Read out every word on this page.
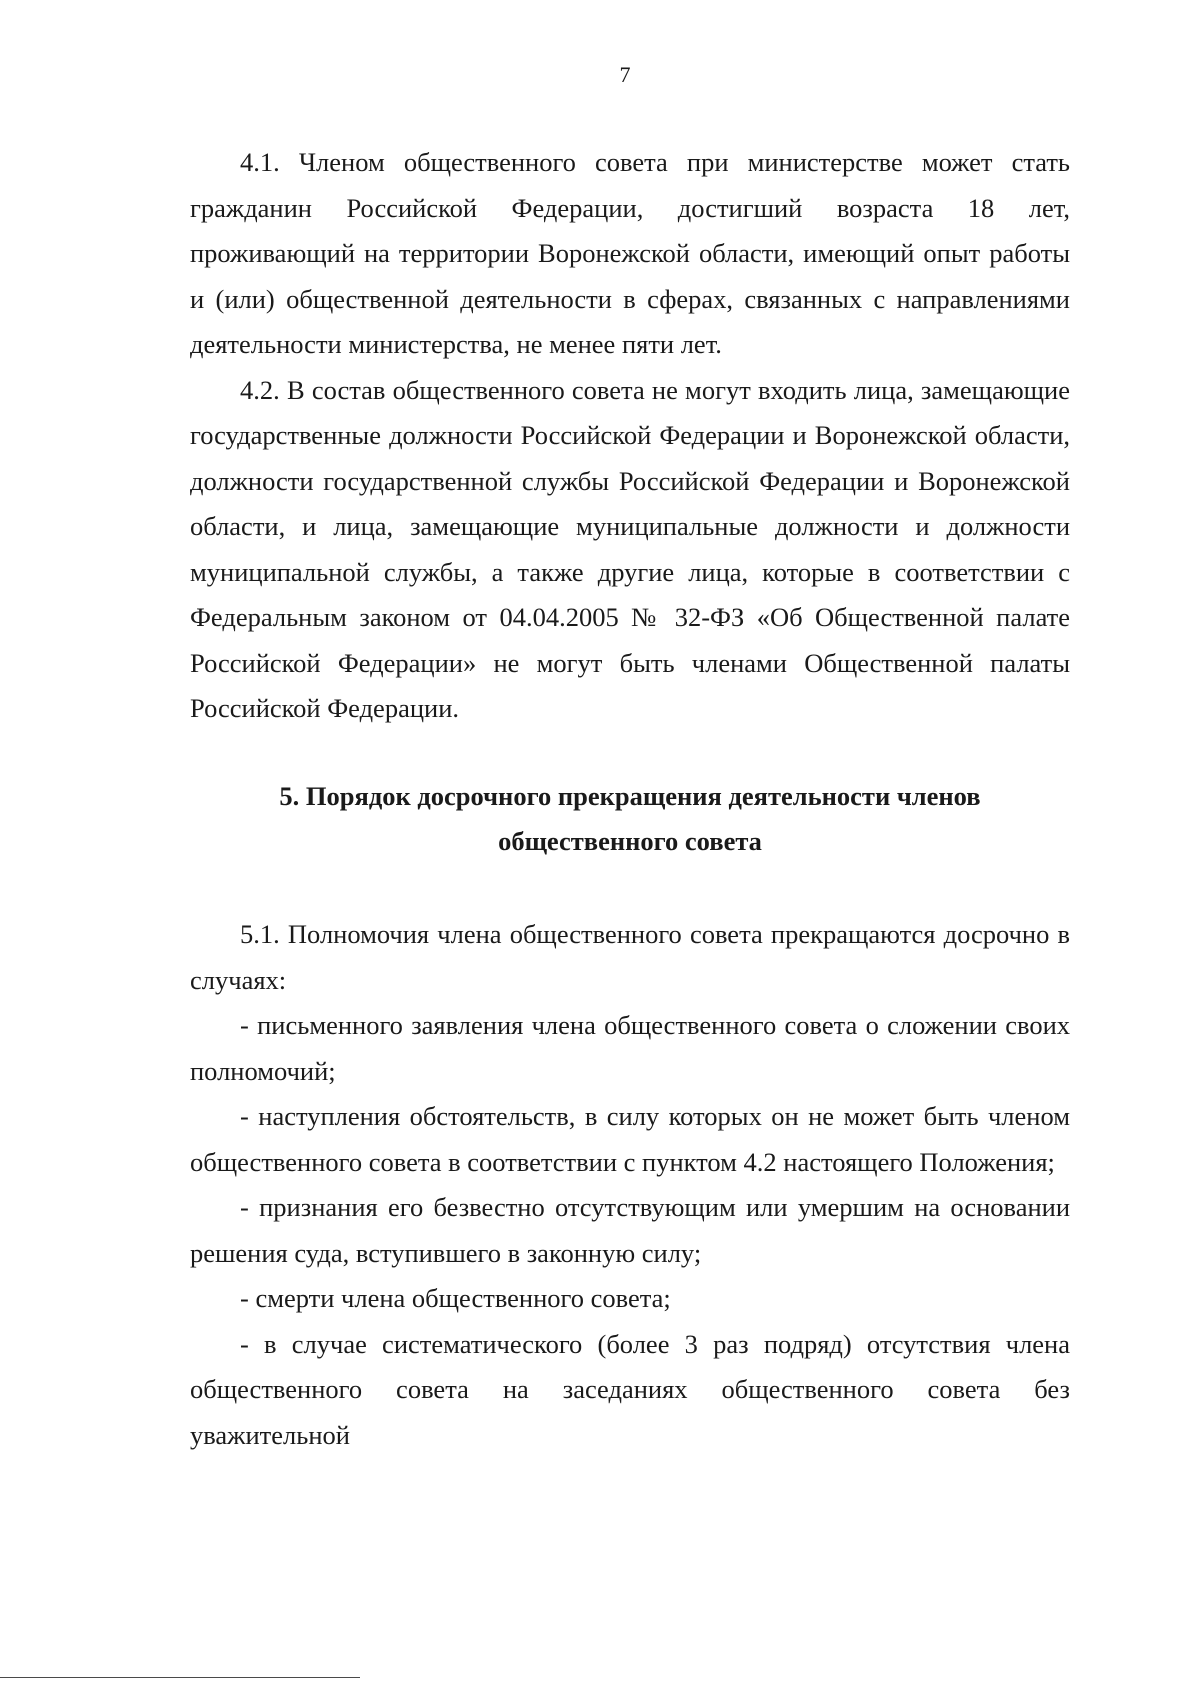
7

4.1. Членом общественного совета при министерстве может стать гражданин Российской Федерации, достигший возраста 18 лет, проживающий на территории Воронежской области, имеющий опыт работы и (или) общественной деятельности в сферах, связанных с направлениями деятельности министерства, не менее пяти лет.

4.2. В состав общественного совета не могут входить лица, замещающие государственные должности Российской Федерации и Воронежской области, должности государственной службы Российской Федерации и Воронежской области, и лица, замещающие муниципальные должности и должности муниципальной службы, а также другие лица, которые в соответствии с Федеральным законом от 04.04.2005 № 32-ФЗ «Об Общественной палате Российской Федерации» не могут быть членами Общественной палаты Российской Федерации.

5. Порядок досрочного прекращения деятельности членов
общественного совета

5.1. Полномочия члена общественного совета прекращаются досрочно в случаях:

- письменного заявления члена общественного совета о сложении своих полномочий;

- наступления обстоятельств, в силу которых он не может быть членом общественного совета в соответствии с пунктом 4.2 настоящего Положения;

- признания его безвестно отсутствующим или умершим на основании решения суда, вступившего в законную силу;

- смерти члена общественного совета;

- в случае систематического (более 3 раз подряд) отсутствия члена общественного совета на заседаниях общественного совета без уважительной
